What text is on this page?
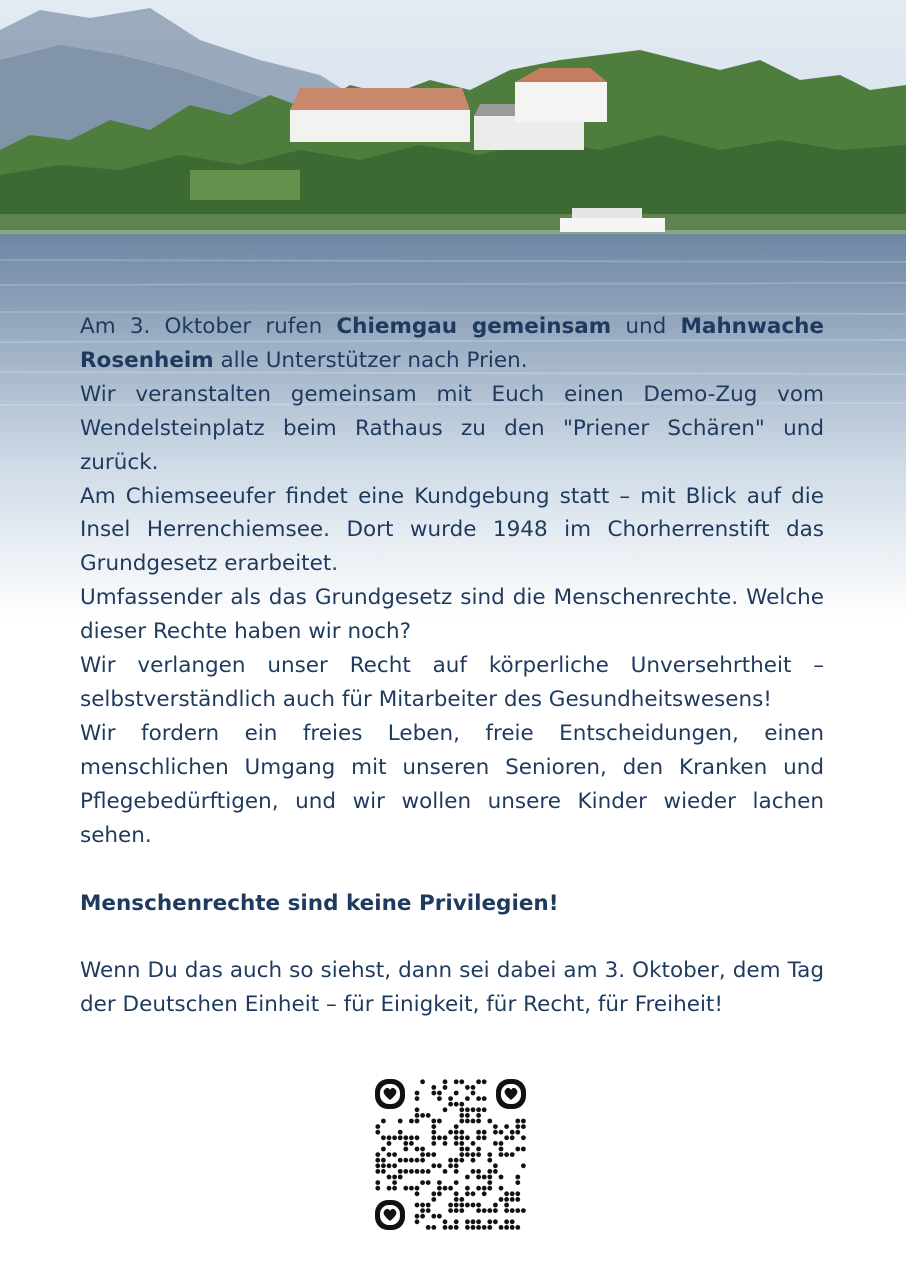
Am 3. Oktober rufen Chiemgau gemeinsam und Mahnwache Rosenheim alle Unterstützer nach Prien.

Wir veranstalten gemeinsam mit Euch einen Demo-Zug vom Wendelsteinplatz beim Rathaus zu den "Priener Schären" und zurück.

Am Chiemseeufer findet eine Kundgebung statt – mit Blick auf die Insel Herrenchiemsee. Dort wurde 1948 im Chorherrenstift das Grundgesetz erarbeitet.

Umfassender als das Grundgesetz sind die Menschenrechte. Welche dieser Rechte haben wir noch?

Wir verlangen unser Recht auf körperliche Unversehrtheit – selbstverständlich auch für Mitarbeiter des Gesundheitswesens!

Wir fordern ein freies Leben, freie Entscheidungen, einen menschlichen Umgang mit unseren Senioren, den Kranken und Pflegebedürftigen, und wir wollen unsere Kinder wieder lachen sehen.

Menschenrechte sind keine Privilegien!

Wenn Du das auch so siehst, dann sei dabei am 3. Oktober, dem Tag der Deutschen Einheit – für Einigkeit, für Recht, für Freiheit!
